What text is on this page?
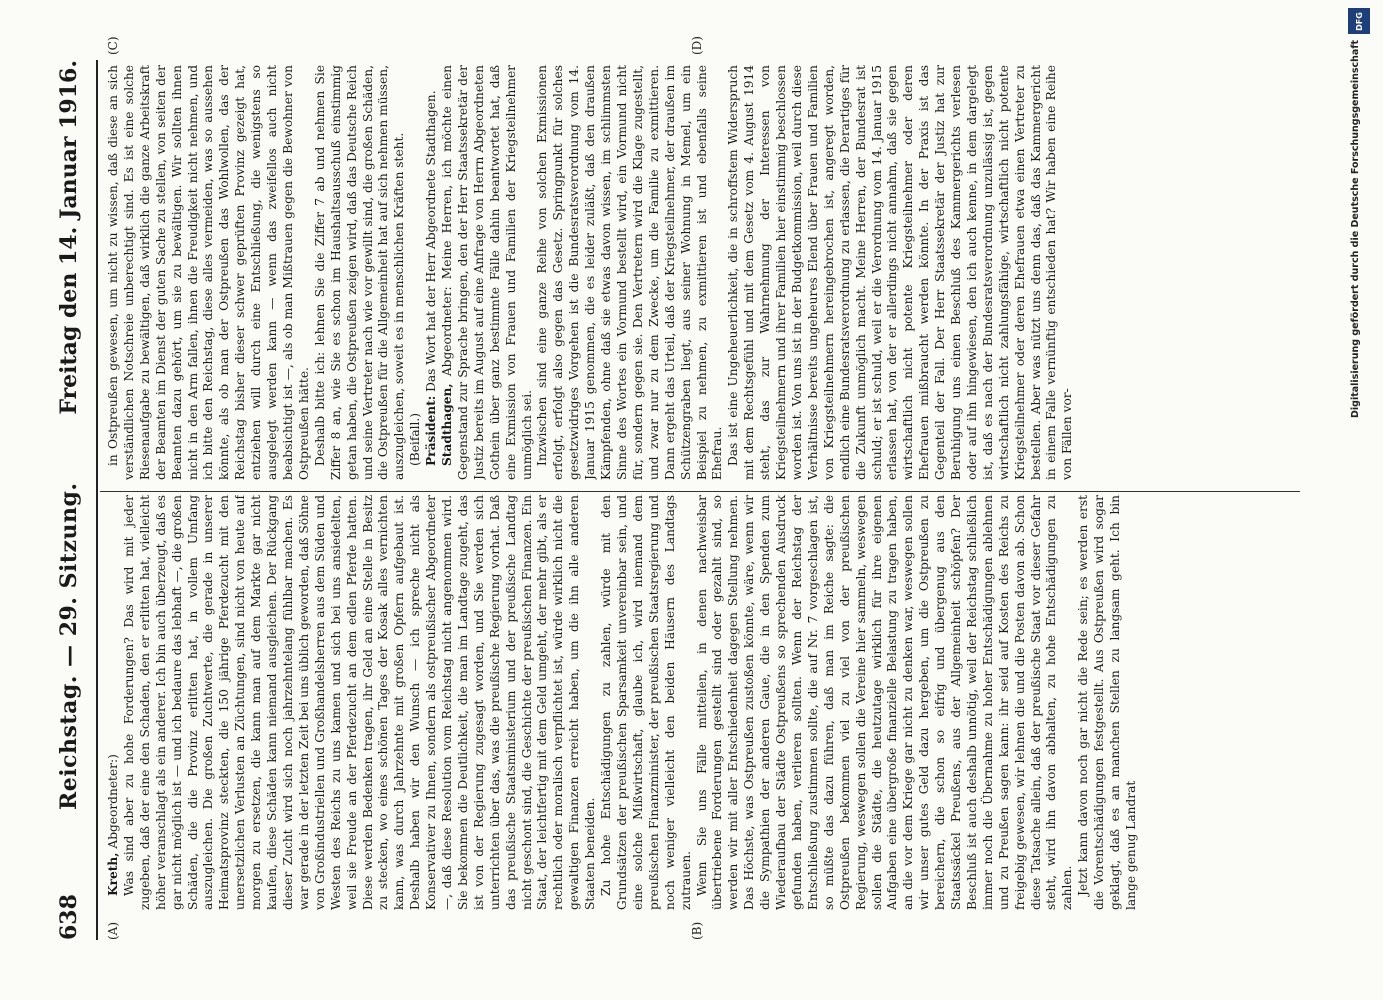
638
Reichstag. — 29. Sitzung.
Freitag den 14. Januar 1916.
(A)	(B)
(C)	(D)

Kreth, Abgeordneter:) Was sind aber zu hohe Forderungen? Das wird mit jeder zugeben, daß der eine den Schaden, den er erlitten hat, vielleicht höher veranschlagt als ein anderer. Ich bin auch überzeugt, daß es gar nicht möglich ist — und ich bedaure das lebhaft —, die großen Schäden, die die Provinz erlitten hat, in vollem Umfang auszugleichen. Die großen Zuchtwerte, die gerade in unserer Heimatsprovinz steckten, die 150 jährige Pferdezucht mit den unersetzlichen Verlusten an Züchtungen, sind nicht von heute auf morgen zu ersetzen, die kann man auf dem Markte gar nicht kaufen, diese Schäden kann niemand ausgleichen. Der Rückgang dieser Zucht wird sich noch jahrzehntelang fühlbar machen. Es war gerade in der letzten Zeit bei uns üblich geworden, daß Söhne von Großindustriellen und Großhandelsherren aus dem Süden und Westen des Reichs zu uns kamen und sich bei uns ansiedelten, weil sie Freude an der Pferdezucht an dem edlen Pferde hatten. Diese werden Bedenken tragen, ihr Geld an eine Stelle in Besitz zu stecken, wo eines schönen Tages der Kosak alles vernichten kann, was durch Jahrzehnte mit großen Opfern aufgebaut ist. Deshalb haben wir den Wunsch — ich spreche nicht als Konservativer zu Ihnen, sondern als ostpreußischer Abgeordneter —, daß diese Resolution vom Reichstag nicht angenommen wird. Sie bekommen die Deutlichkeit, die man im Landtage zugeht, das ist von der Regierung zugesagt worden, und Sie werden sich unterrichten über das, was die preußische Regierung vorhat. Daß das preußische Staatsministerium und der preußische Landtag nicht geschont sind, die Geschichte der preußischen Finanzen. Ein Staat, der leichtfertig mit dem Geld umgeht, der mehr gibt, als er rechtlich oder moralisch verpflichtet ist, würde wirklich nicht die gewaltigen Finanzen erreicht haben, um die ihn alle anderen Staaten beneiden. Zu hohe Entschädigungen zu zahlen, würde mit den Grundsätzen der preußischen Sparsamkeit unvereinbar sein, und eine solche Mißwirtschaft, glaube ich, wird niemand dem preußischen Finanzminister, der preußischen Staatsregierung und noch weniger vielleicht den beiden Häusern des Landtags zutrauen. Wenn Sie uns Fälle mitteilen, in denen nachweisbar übertriebene Forderungen gestellt sind oder gezahlt sind, so werden wir mit aller Entschiedenheit dagegen Stellung nehmen. Das Höchste, was Ostpreußen zustoßen könnte, wäre, wenn wir die Sympathien der anderen Gaue, die in den Spenden zum Wiederaufbau der Städte Ostpreußens so sprechenden Ausdruck gefunden haben, verlieren sollten. Wenn der Reichstag der Entschließung zustimmen sollte, die auf Nr. 7 vorgeschlagen ist, so müßte das dazu führen, daß man im Reiche sagte: die Ostpreußen bekommen viel zu viel von der preußischen Regierung, weswegen sollen die Vereine hier sammeln, weswegen sollen die Städte, die heutzutage wirklich für ihre eigenen Aufgaben eine übergroße finanzielle Belastung zu tragen haben, an die vor dem Kriege gar nicht zu denken war, weswegen sollen wir unser gutes Geld dazu hergeben, um die Ostpreußen zu bereichern, die schon so eifrig und übergenug aus den Staatssäckel Preußens, aus der Allgemeinheit schöpfen? Der Beschluß ist auch deshalb unnötig, weil der Reichstag schließlich immer noch die Übernahme zu hoher Entschädigungen ablehnen und zu Preußen sagen kann: ihr seid auf Kosten des Reichs zu freigebig gewesen, wir lehnen die und die Posten davon ab. Schon diese Tatsache allein, daß der preußische Staat vor dieser Gefahr steht, wird ihn davon abhalten, zu hohe Entschädigungen zu zahlen. Jetzt kann davon noch gar nicht die Rede sein; es werden erst die Vorentschädigungen festgestellt. Aus Ostpreußen wird sogar geklagt, daß es an manchen Stellen zu langsam geht. Ich bin lange genug Landrat

in Ostpreußen gewesen, um nicht zu wissen, daß diese an sich verständlichen Notschreie unberechtigt sind. Es ist eine solche Riesenaufgabe zu bewältigen, daß wirklich die ganze Arbeitskraft der Beamten im Dienst der guten Sache zu stellen, von seiten der Beamten dazu gehört, um sie zu bewältigen. Wir sollten ihnen nicht in den Arm fallen, ihnen die Freudigkeit nicht nehmen, und ich bitte den Reichstag, diese alles vermeiden, was so aussehen könnte, als ob man der Ostpreußen das Wohlwollen, das der Reichstag bisher dieser schwer geprüften Provinz gezeigt hat, entziehen will durch eine Entschließung, die wenigstens so ausgelegt werden kann — wenn das zweifellos auch nicht beabsichtigt ist —, als ob man Mißtrauen gegen die Bewohner von Ostpreußen hätte. Deshalb bitte ich: lehnen Sie die Ziffer 7 ab und nehmen Sie Ziffer 8 an, wie Sie es schon im Haushaltsausschuß einstimmig getan haben, die Ostpreußen zeigen wird, daß das Deutsche Reich und seine Vertreter nach wie vor gewillt sind, die großen Schäden, die Ostpreußen für die Allgemeinheit hat auf sich nehmen müssen, auszugleichen, soweit es in menschlichen Kräften steht. (Beifall.) Präsident: Das Wort hat der Herr Abgeordnete Stadthagen.

Stadthagen, Abgeordneter: Meine Herren, ich möchte einen Gegenstand zur Sprache bringen, den der Herr Staatssekretär der Justiz bereits im August auf eine Anfrage von Herrn Abgeordneten Gothein über ganz bestimmte Fälle dahin beantwortet hat, daß eine Exmission von Frauen und Familien der Kriegsteilnehmer unmöglich sei. Inzwischen sind eine ganze Reihe von solchen Exmissionen erfolgt, erfolgt also gegen das Gesetz. Springpunkt für solches gesetzwidriges Vorgehen ist die Bundesratsverordnung vom 14. Januar 1915 genommen, die es leider zuläßt, daß den draußen Kämpfenden, ohne daß sie etwas davon wissen, im schlimmsten Sinne des Wortes ein Vormund bestellt wird, ein Vormund nicht für, sondern gegen sie. Den Vertretern wird die Klage zugestellt, und zwar nur zu dem Zwecke, um die Familie zu exmittieren. Dann ergeht das Urteil, daß der Kriegsteilnehmer, der draußen im Schützengraben liegt, aus seiner Wohnung in Memel, um ein Beispiel zu nehmen, zu exmittieren ist und ebenfalls seine Ehefrau. Das ist eine Ungeheuerlichkeit, die in schroffstem Widerspruch mit dem Rechtsgefühl und mit dem Gesetz vom 4. August 1914 steht, das zur Wahrnehmung der Interessen von Kriegsteilnehmern und ihrer Familien hier einstimmig beschlossen worden ist. Von uns ist in der Budgetkommission, weil durch diese Verhältnisse bereits ungeheures Elend über Frauen und Familien von Kriegsteilnehmern hereingebrochen ist, angeregt worden, endlich eine Bundesratsverordnung zu erlassen, die Derartiges für die Zukunft unmöglich macht. Meine Herren, der Bundesrat ist schuld; er ist schuld, weil er die Verordnung vom 14. Januar 1915 erlassen hat, von der er allerdings nicht annahm, daß sie gegen wirtschaftlich nicht potente Kriegsteilnehmer oder deren Ehefrauen mißbraucht werden könnte. In der Praxis ist das Gegenteil der Fall. Der Herr Staatssekretär der Justiz hat zur Beruhigung uns einen Beschluß des Kammergerichts verlesen oder auf ihn hingewiesen, den ich auch kenne, in dem dargelegt ist, daß es nach der Bundesratsverordnung unzulässig ist, gegen wirtschaftlich nicht zahlungsfähige, wirtschaftlich nicht potente Kriegsteilnehmer oder deren Ehefrauen etwa einen Vertreter zu bestellen. Aber was nützt uns denn das, daß das Kammergericht in einem Falle vernünftig entschieden hat? Wir haben eine Reihe von Fällen vor-

DFG
Digitalisierung gefördert durch die Deutsche Forschungsgemeinschaft
